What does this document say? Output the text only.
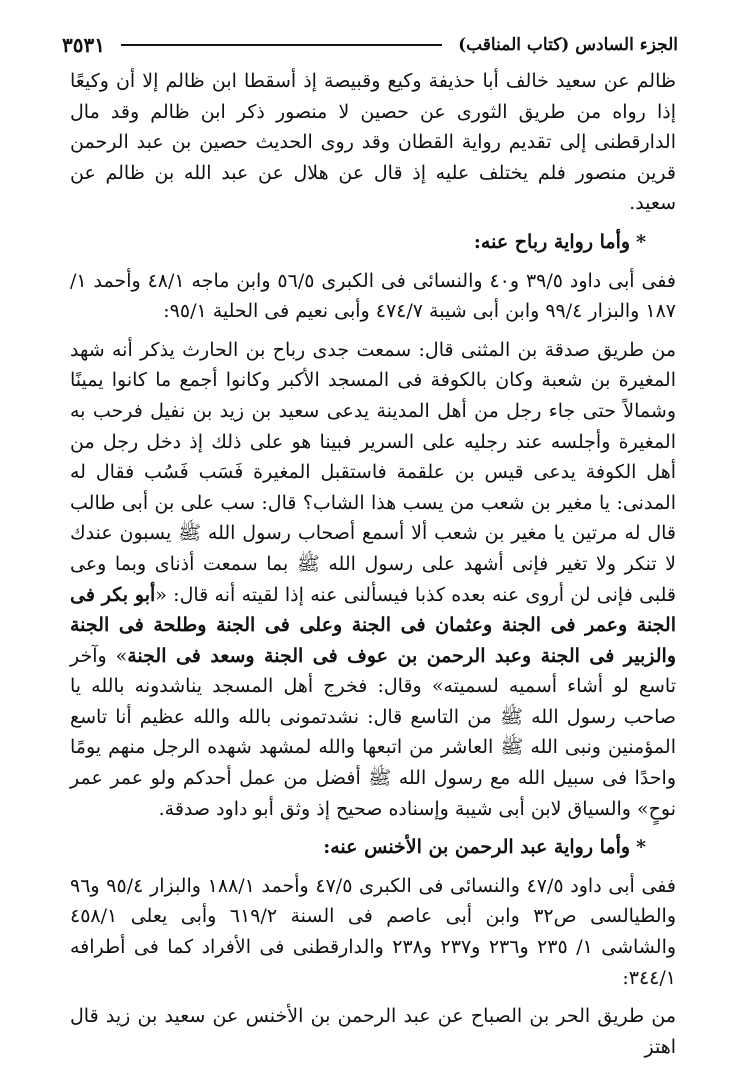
الجزء السادس (كتاب المناقب)
٣٥٣١

ظالم عن سعيد خالف أبا حذيفة وكيع وقبيصة إذ أسقطا ابن ظالم إلا أن وكيعًا إذا رواه من طريق الثورى عن حصين لا منصور ذكر ابن ظالم وقد مال الدارقطنى إلى تقديم رواية القطان وقد روى الحديث حصين بن عبد الرحمن قرين منصور فلم يختلف عليه إذ قال عن هلال عن عبد الله بن ظالم عن سعيد.

*وأما رواية رباح عنه:

ففى أبى داود ٣٩/٥ و٤٠ والنسائى فى الكبرى ٥٦/٥ وابن ماجه ٤٨/١ وأحمد ١/ ١٨٧ والبزار ٩٩/٤ وابن أبى شيبة ٤٧٤/٧ وأبى نعيم فى الحلية ٩٥/١:

من طريق صدقة بن المثنى قال: سمعت جدى رباح بن الحارث يذكر أنه شهد المغيرة بن شعبة وكان بالكوفة فى المسجد الأكبر وكانوا أجمع ما كانوا يمينًا وشمالاً حتى جاء رجل من أهل المدينة يدعى سعيد بن زيد بن نفيل فرحب به المغيرة وأجلسه عند رجليه على السرير فبينا هو على ذلك إذ دخل رجل من أهل الكوفة يدعى قيس بن علقمة فاستقبل المغيرة فَسَب فَسُب فقال له المدنى: يا مغير بن شعب من يسب هذا الشاب؟ قال: سب على بن أبى طالب قال له مرتين يا مغير بن شعب ألا أسمع أصحاب رسول الله ﷺ يسبون عندك لا تنكر ولا تغير فإنى أشهد على رسول الله ﷺ بما سمعت أذناى وبما وعى قلبى فإنى لن أروى عنه بعده كذبا فيسألنى عنه إذا لقيته أنه قال: «أبو بكر فى الجنة وعمر فى الجنة وعثمان فى الجنة وعلى فى الجنة وطلحة فى الجنة والزبير فى الجنة وعبد الرحمن بن عوف فى الجنة وسعد فى الجنة» وآخر تاسع لو أشاء أسميه لسميته» وقال: فخرج أهل المسجد يناشدونه بالله يا صاحب رسول الله ﷺ من التاسع قال: نشدتمونى بالله والله عظيم أنا تاسع المؤمنين ونبى الله ﷺ العاشر من اتبعها والله لمشهد شهده الرجل منهم يومًا واحدًا فى سبيل الله مع رسول الله ﷺ أفضل من عمل أحدكم ولو عمر عمر نوحٍ» والسياق لابن أبى شيبة وإسناده صحيح إذ وثق أبو داود صدقة.

*وأما رواية عبد الرحمن بن الأخنس عنه:

ففى أبى داود ٤٧/٥ والنسائى فى الكبرى ٤٧/٥ وأحمد ١٨٨/١ والبزار ٩٥/٤ و٩٦ والطيالسى ص٣٢ وابن أبى عاصم فى السنة ٦١٩/٢ وأبى يعلى ٤٥٨/١ والشاشى ١/ ٢٣٥ و٢٣٦ و٢٣٧ و٢٣٨ والدارقطنى فى الأفراد كما فى أطرافه ٣٤٤/١:

من طريق الحر بن الصباح عن عبد الرحمن بن الأخنس عن سعيد بن زيد قال اهتز
